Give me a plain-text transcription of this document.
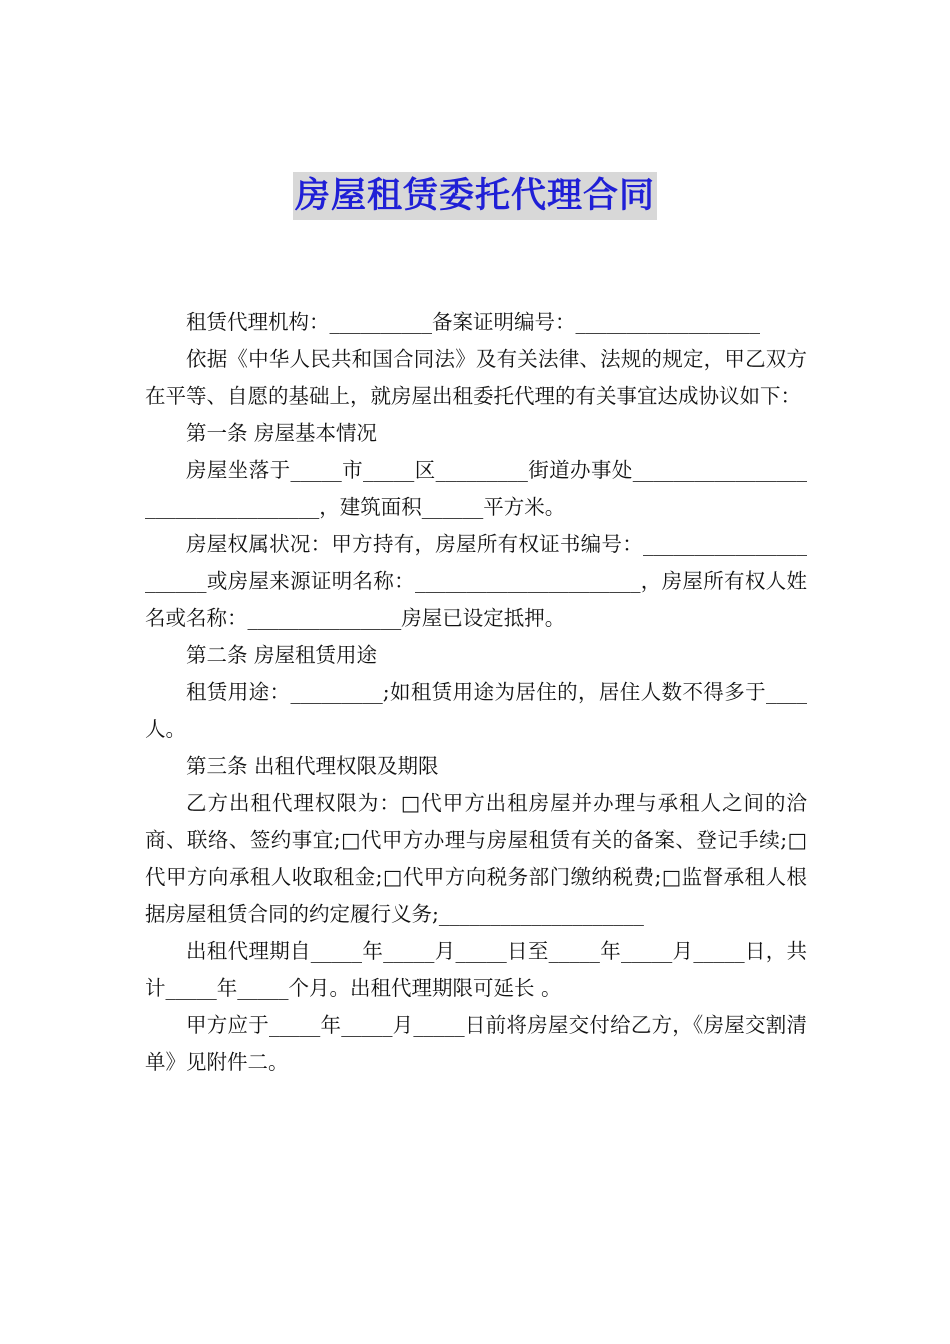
房屋租赁委托代理合同

租赁代理机构：__________备案证明编号：__________________

依据《中华人民共和国合同法》及有关法律、法规的规定，甲乙双方在平等、自愿的基础上，就房屋出租委托代理的有关事宜达成协议如下：

第一条 房屋基本情况

房屋坐落于_____市_____区_________街道办事处__________________________________，建筑面积______平方米。

房屋权属状况：甲方持有，房屋所有权证书编号：______________________或房屋来源证明名称：______________________，房屋所有权人姓名或名称：_______________房屋已设定抵押。

第二条 房屋租赁用途

租赁用途：_________;如租赁用途为居住的，居住人数不得多于____人。

第三条 出租代理权限及期限

乙方出租代理权限为：□代甲方出租房屋并办理与承租人之间的洽商、联络、签约事宜;□代甲方办理与房屋租赁有关的备案、登记手续;□代甲方向承租人收取租金;□代甲方向税务部门缴纳税费;□监督承租人根据房屋租赁合同的约定履行义务;____________________

出租代理期自_____年_____月_____日至_____年_____月_____日，共计_____年_____个月。出租代理期限可延长 。

甲方应于_____年_____月_____日前将房屋交付给乙方，《房屋交割清单》见附件二。
